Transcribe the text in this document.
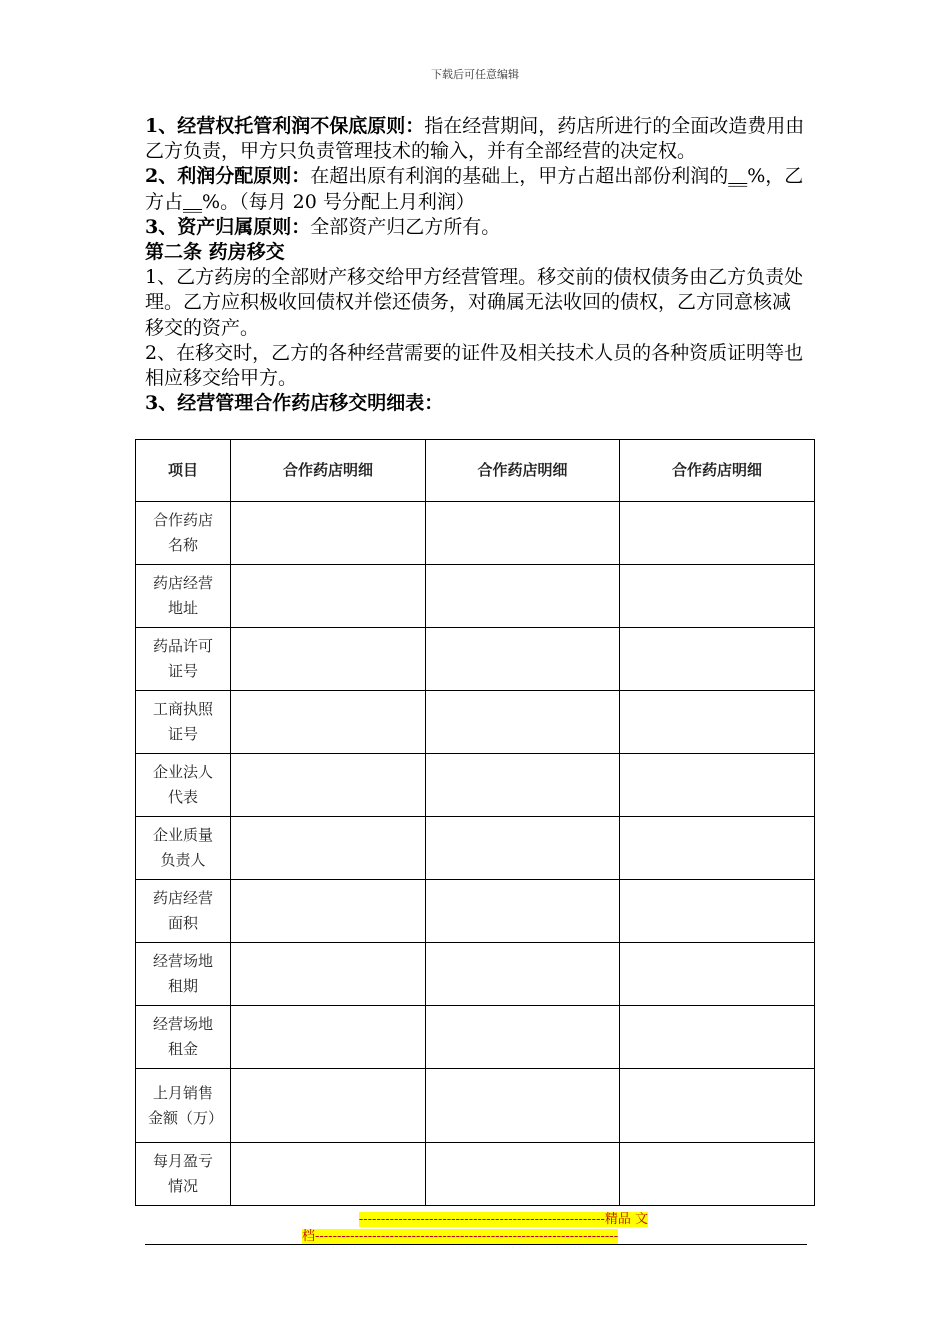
下载后可任意编辑

1、经营权托管利润不保底原则：指在经营期间，药店所进行的全面改造费用由乙方负责，甲方只负责管理技术的输入，并有全部经营的决定权。

2、利润分配原则：在超出原有利润的基础上，甲方占超出部份利润的__%，乙方占__%。（每月 20 号分配上月利润）

3、资产归属原则：全部资产归乙方所有。

第二条 药房移交

1、乙方药房的全部财产移交给甲方经营管理。移交前的债权债务由乙方负责处理。乙方应积极收回债权并偿还债务，对确属无法收回的债权，乙方同意核减移交的资产。

2、在移交时，乙方的各种经营需要的证件及相关技术人员的各种资质证明等也相应移交给甲方。

3、经营管理合作药店移交明细表：

项目	合作药店明细	合作药店明细	合作药店明细
合作药店名称			
药店经营地址			
药品许可证号			
工商执照证号			
企业法人代表			
企业质量负责人			
药店经营面积			
经营场地租期			
经营场地租金			
上月销售金额（万）			
每月盈亏情况			
--------------------------------------------------------精品 文
档---------------------------------------------------------------------
